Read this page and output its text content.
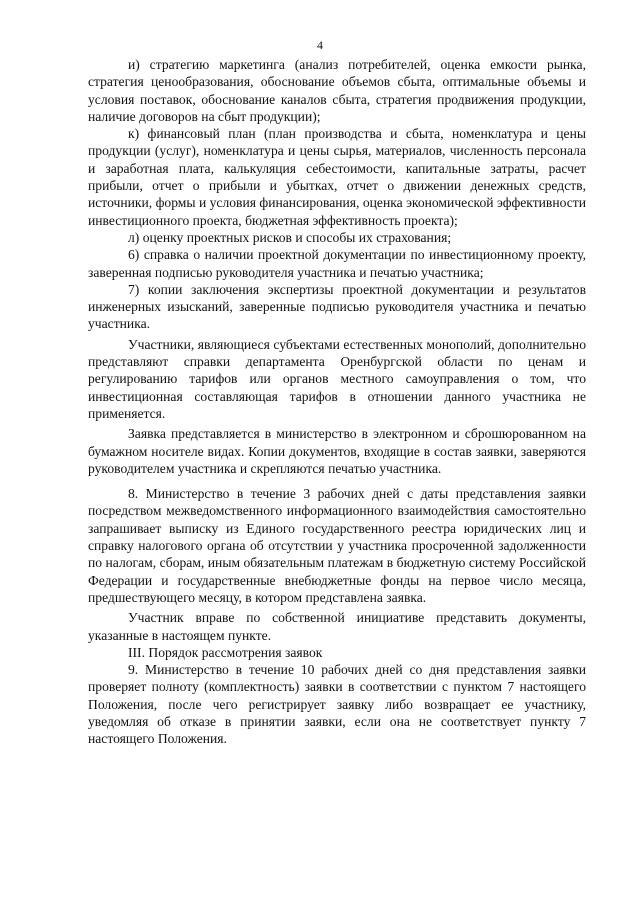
4

и) стратегию маркетинга (анализ потребителей, оценка емкости рынка, стратегия ценообразования, обоснование объемов сбыта, оптимальные объемы и условия поставок, обоснование каналов сбыта, стратегия продвижения продукции, наличие договоров на сбыт продукции);

к) финансовый план (план производства и сбыта, номенклатура и цены продукции (услуг), номенклатура и цены сырья, материалов, численность персонала и заработная плата, калькуляция себестоимости, капитальные затраты, расчет прибыли, отчет о прибыли и убытках, отчет о движении денежных средств, источники, формы и условия финансирования, оценка экономической эффективности инвестиционного проекта, бюджетная эффективность проекта);

л) оценку проектных рисков и способы их страхования;

6) справка о наличии проектной документации по инвестиционному проекту, заверенная подписью руководителя участника и печатью участника;

7) копии заключения экспертизы проектной документации и результатов инженерных изысканий, заверенные подписью руководителя участника и печатью участника.

Участники, являющиеся субъектами естественных монополий, дополнительно представляют справки департамента Оренбургской области по ценам и регулированию тарифов или органов местного самоуправления о том, что инвестиционная составляющая тарифов в отношении данного участника не применяется.

Заявка представляется в министерство в электронном и сброшюрованном на бумажном носителе видах. Копии документов, входящие в состав заявки, заверяются руководителем участника и скрепляются печатью участника.

8. Министерство в течение 3 рабочих дней с даты представления заявки посредством межведомственного информационного взаимодействия самостоятельно запрашивает выписку из Единого государственного реестра юридических лиц и справку налогового органа об отсутствии у участника просроченной задолженности по налогам, сборам, иным обязательным платежам в бюджетную систему Российской Федерации и государственные внебюджетные фонды на первое число месяца, предшествующего месяцу, в котором представлена заявка.

Участник вправе по собственной инициативе представить документы, указанные в настоящем пункте.

III. Порядок рассмотрения заявок

9. Министерство в течение 10 рабочих дней со дня представления заявки проверяет полноту (комплектность) заявки в соответствии с пунктом 7 настоящего Положения, после чего регистрирует заявку либо возвращает ее участнику, уведомляя об отказе в принятии заявки, если она не соответствует пункту 7 настоящего Положения.
